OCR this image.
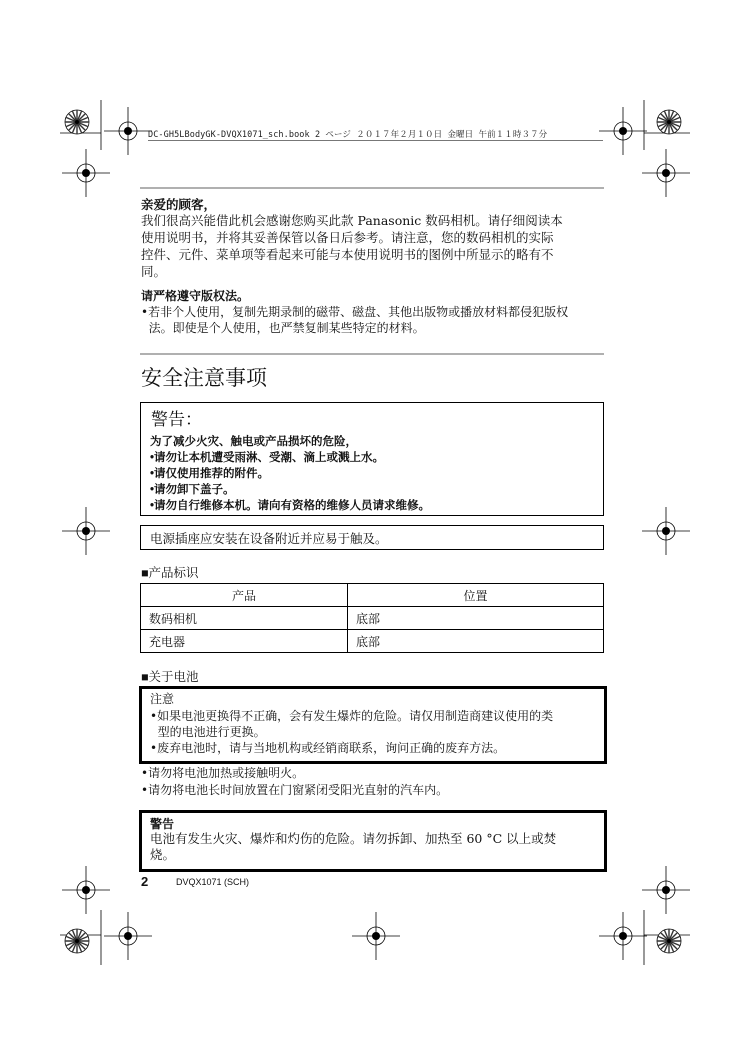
DC-GH5LBodyGK-DVQX1071_sch.book 2 ページ ２０１７年２月１０日 金曜日 午前１１時３７分
亲爱的顾客，
我们很高兴能借此机会感谢您购买此款 Panasonic 数码相机。请仔细阅读本
使用说明书，并将其妥善保管以备日后参考。请注意，您的数码相机的实际
控件、元件、菜单项等看起来可能与本使用说明书的图例中所显示的略有不
同。
请严格遵守版权法。
•若非个人使用，复制先期录制的磁带、磁盘、其他出版物或播放材料都侵犯版权
法。即使是个人使用，也严禁复制某些特定的材料。
安全注意事项
警告：
为了减少火灾、触电或产品损坏的危险，
•请勿让本机遭受雨淋、受潮、滴上或溅上水。
•请仅使用推荐的附件。
•请勿卸下盖子。
•请勿自行维修本机。请向有资格的维修人员请求维修。
电源插座应安装在设备附近并应易于触及。
■产品标识
产品	位置
数码相机	底部
充电器	底部
■关于电池
注意
•如果电池更换得不正确，会有发生爆炸的危险。请仅用制造商建议使用的类
型的电池进行更换。
•废弃电池时，请与当地机构或经销商联系，询问正确的废弃方法。
•请勿将电池加热或接触明火。
•请勿将电池长时间放置在门窗紧闭受阳光直射的汽车内。
警告
电池有发生火灾、爆炸和灼伤的危险。请勿拆卸、加热至 60 °C 以上或焚
烧。
2	DVQX1071 (SCH)
